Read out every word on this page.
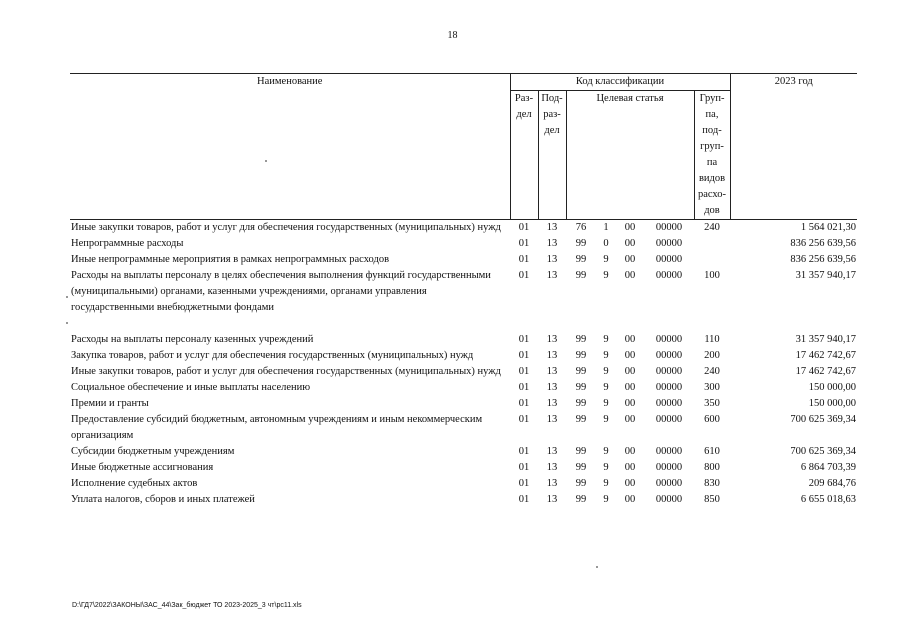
18
Наименование	Код классификации							2023 год
	Раз-дел	Под-раз-дел	Целевая статья				Груп-па, под-груп-па видов расхо-дов	
Иные закупки товаров, работ и услуг для обеспечения государственных (муниципальных) нужд	01	13	76	1	00	00000	240	1 564 021,30
Непрограммные расходы	01	13	99	0	00	00000		836 256 639,56
Иные непрограммные мероприятия в рамках непрограммных расходов	01	13	99	9	00	00000		836 256 639,56
Расходы на выплаты персоналу в целях обеспечения выполнения функций государственными (муниципальными) органами, казенными учреждениями, органами управления государственными внебюджетными фондами	01	13	99	9	00	00000	100	31 357 940,17

Расходы на выплаты персоналу казенных учреждений	01	13	99	9	00	00000	110	31 357 940,17
Закупка товаров, работ и услуг для обеспечения государственных (муниципальных) нужд	01	13	99	9	00	00000	200	17 462 742,67
Иные закупки товаров, работ и услуг для обеспечения государственных (муниципальных) нужд	01	13	99	9	00	00000	240	17 462 742,67
Социальное обеспечение и иные выплаты населению	01	13	99	9	00	00000	300	150 000,00
Премии и гранты	01	13	99	9	00	00000	350	150 000,00
Предоставление субсидий бюджетным, автономным учреждениям и иным некоммерческим организациям	01	13	99	9	00	00000	600	700 625 369,34
Субсидии бюджетным учреждениям	01	13	99	9	00	00000	610	700 625 369,34
Иные бюджетные ассигнования	01	13	99	9	00	00000	800	6 864 703,39
Исполнение судебных актов	01	13	99	9	00	00000	830	209 684,76
Уплата налогов, сборов и иных платежей	01	13	99	9	00	00000	850	6 655 018,63
D:\ГД7\2022\ЗАКОНЫ\ЗАС_44\Зак_бюджет ТО 2023-2025_3 чт\рс11.xls
